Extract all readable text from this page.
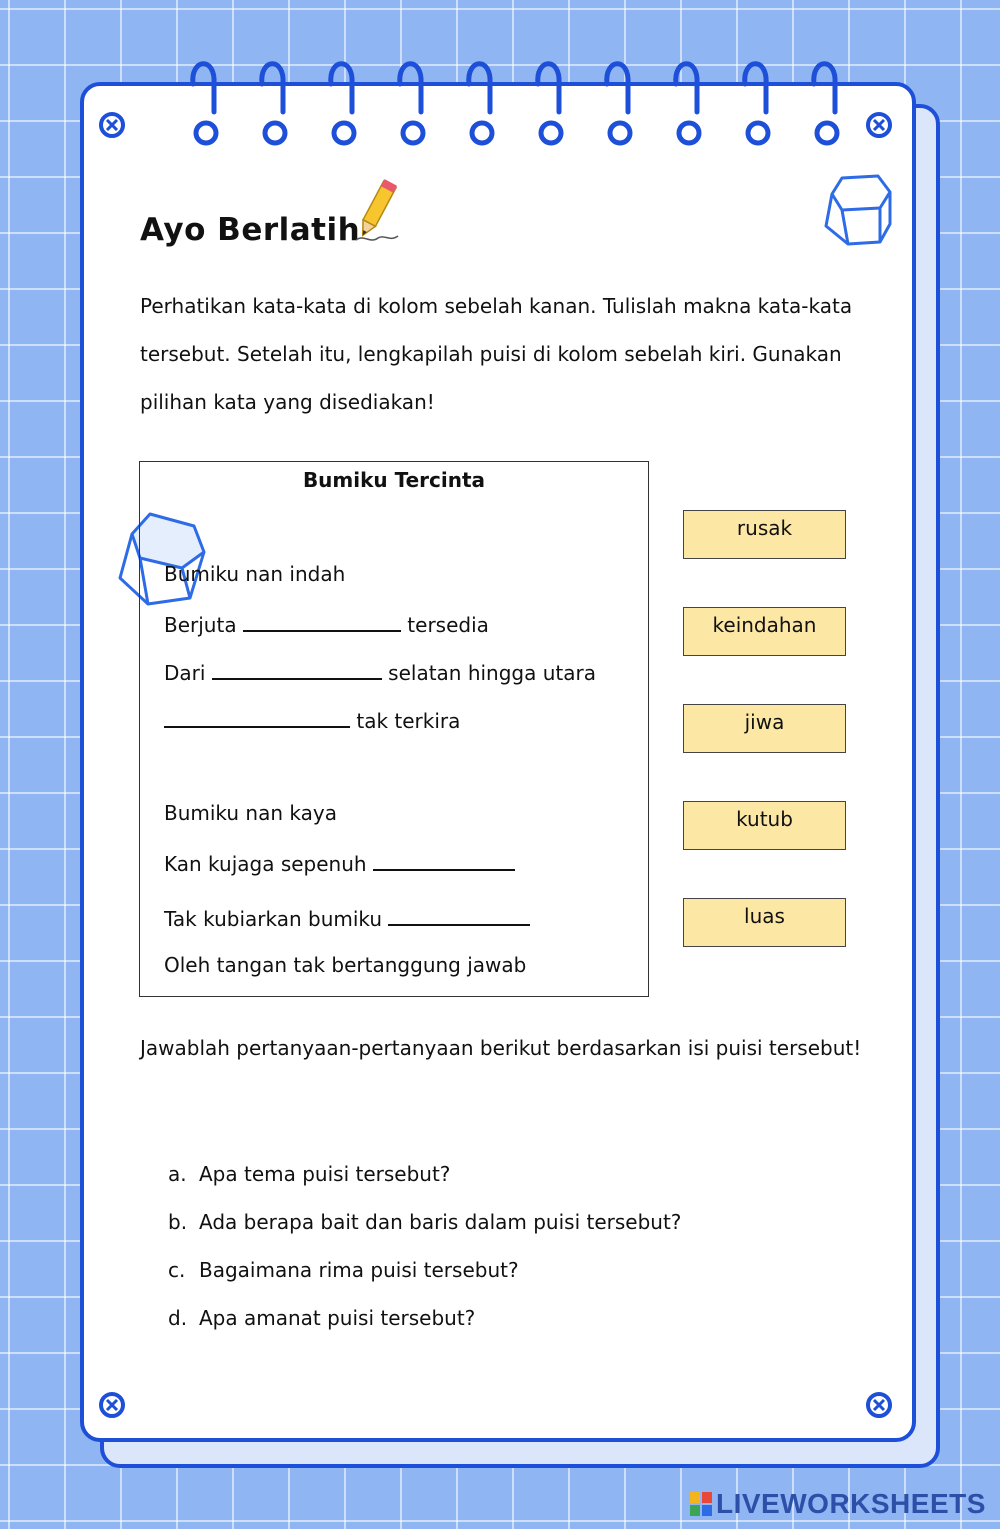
Ayo Berlatih

Perhatikan kata-kata di kolom sebelah kanan. Tulislah makna kata-kata tersebut. Setelah itu, lengkapilah puisi di kolom sebelah kiri. Gunakan pilihan kata yang disediakan!

Bumiku Tercinta
Bumiku nan indah
Berjuta	tersedia
Dari	selatan hingga utara
tak terkira
Bumiku nan kaya
Kan kujaga sepenuh
Tak kubiarkan bumiku
Oleh tangan tak bertanggung jawab
rusak
keindahan
jiwa
kutub
luas

Jawablah pertanyaan-pertanyaan berikut berdasarkan isi puisi tersebut!

a. Apa tema puisi tersebut?
b. Ada berapa bait dan baris dalam puisi tersebut?
c. Bagaimana rima puisi tersebut?
d. Apa amanat puisi tersebut?
LIVEWORKSHEETS
